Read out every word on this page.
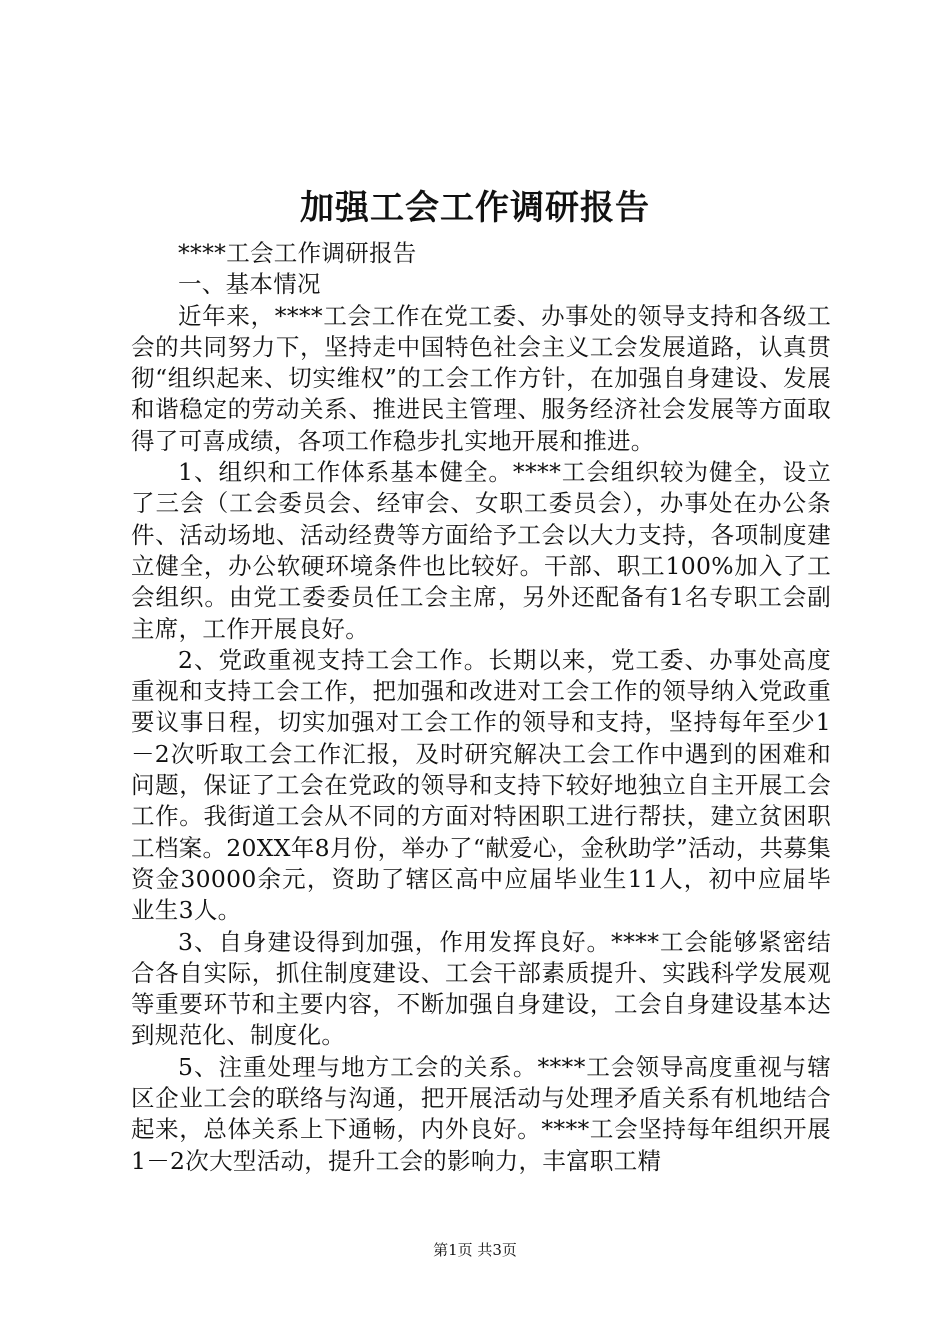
加强工会工作调研报告

****工会工作调研报告

一、基本情况

近年来，****工会工作在党工委、办事处的领导支持和各级工会的共同努力下，坚持走中国特色社会主义工会发展道路，认真贯彻“组织起来、切实维权”的工会工作方针，在加强自身建设、发展和谐稳定的劳动关系、推进民主管理、服务经济社会发展等方面取得了可喜成绩，各项工作稳步扎实地开展和推进。

1、组织和工作体系基本健全。****工会组织较为健全，设立了三会（工会委员会、经审会、女职工委员会），办事处在办公条件、活动场地、活动经费等方面给予工会以大力支持，各项制度建立健全，办公软硬环境条件也比较好。干部、职工100%加入了工会组织。由党工委委员任工会主席，另外还配备有1名专职工会副主席，工作开展良好。

2、党政重视支持工会工作。长期以来，党工委、办事处高度重视和支持工会工作，把加强和改进对工会工作的领导纳入党政重要议事日程，切实加强对工会工作的领导和支持，坚持每年至少1－2次听取工会工作汇报，及时研究解决工会工作中遇到的困难和问题，保证了工会在党政的领导和支持下较好地独立自主开展工会工作。我街道工会从不同的方面对特困职工进行帮扶，建立贫困职工档案。20XX年8月份，举办了“献爱心，金秋助学”活动，共募集资金30000余元，资助了辖区高中应届毕业生11人，初中应届毕业生3人。

3、自身建设得到加强，作用发挥良好。****工会能够紧密结合各自实际，抓住制度建设、工会干部素质提升、实践科学发展观等重要环节和主要内容，不断加强自身建设，工会自身建设基本达到规范化、制度化。

5、注重处理与地方工会的关系。****工会领导高度重视与辖区企业工会的联络与沟通，把开展活动与处理矛盾关系有机地结合起来，总体关系上下通畅，内外良好。****工会坚持每年组织开展1－2次大型活动，提升工会的影响力，丰富职工精

第1页 共3页
